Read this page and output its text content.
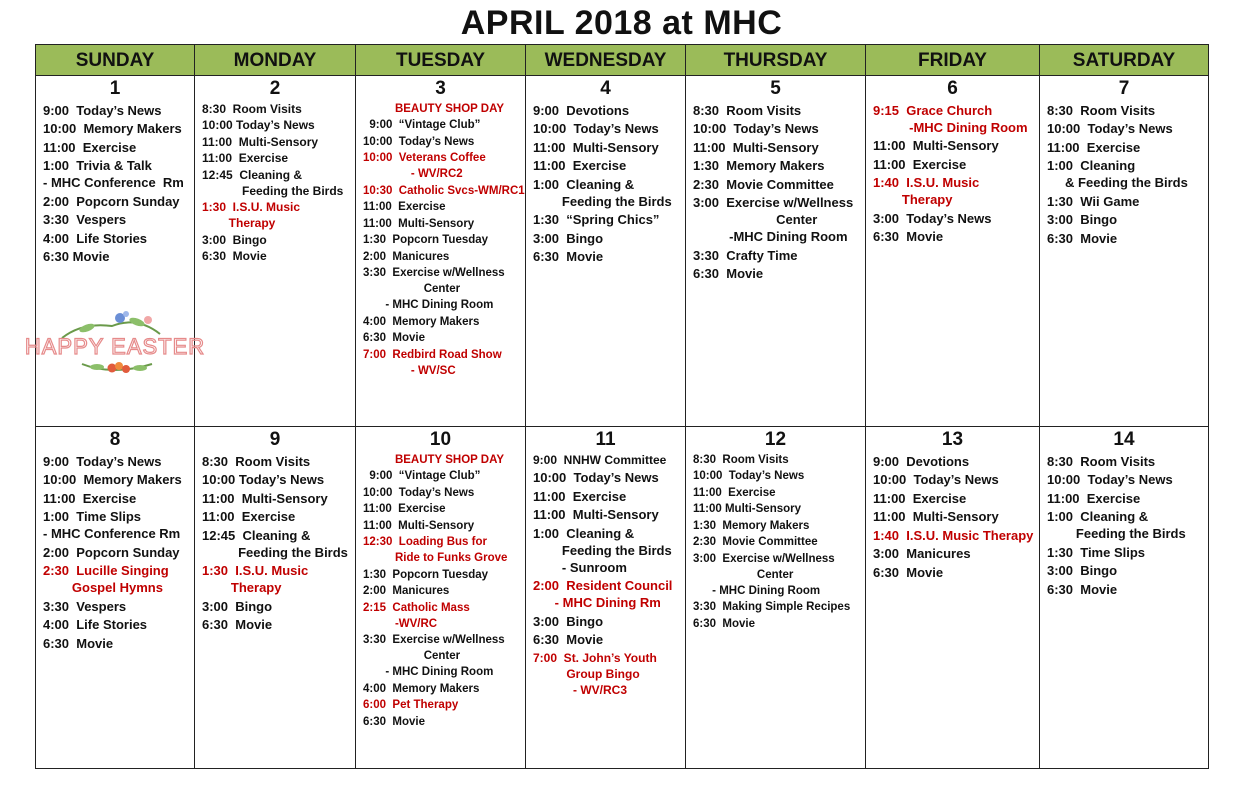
APRIL 2018 at MHC
SUNDAY	MONDAY	TUESDAY	WEDNESDAY	THURSDAY	FRIDAY	SATURDAY
1
9:00  Today’s News
10:00  Memory Makers
11:00  Exercise
1:00  Trivia & Talk
- MHC Conference  Rm
2:00  Popcorn Sunday
3:30  Vespers
4:00  Life Stories
6:30 Movie
HAPPY EASTER
2
8:30  Room Visits
10:00 Today’s News
11:00  Multi-Sensory
11:00  Exercise
12:45  Cleaning &
Feeding the Birds
1:30  I.S.U. Music
Therapy
3:00  Bingo
6:30  Movie
3
BEAUTY SHOP DAY
9:00  “Vintage Club”
10:00  Today’s News
10:00  Veterans Coffee
- WV/RC2
10:30  Catholic Svcs-WM/RC1
11:00  Exercise
11:00  Multi-Sensory
1:30  Popcorn Tuesday
2:00  Manicures
3:30  Exercise w/Wellness
Center
- MHC Dining Room
4:00  Memory Makers
6:30  Movie
7:00  Redbird Road Show
- WV/SC
4
9:00  Devotions
10:00  Today’s News
11:00  Multi-Sensory
11:00  Exercise
1:00  Cleaning &
Feeding the Birds
1:30  “Spring Chics”
3:00  Bingo
6:30  Movie
5
8:30  Room Visits
10:00  Today’s News
11:00  Multi-Sensory
1:30  Memory Makers
2:30  Movie Committee
3:00  Exercise w/Wellness
Center
-MHC Dining Room
3:30  Crafty Time
6:30  Movie
6
9:15  Grace Church
-MHC Dining Room
11:00  Multi-Sensory
11:00  Exercise
1:40  I.S.U. Music
Therapy
3:00  Today’s News
6:30  Movie
7
8:30  Room Visits
10:00  Today’s News
11:00  Exercise
1:00  Cleaning
& Feeding the Birds
1:30  Wii Game
3:00  Bingo
6:30  Movie
8
9:00  Today’s News
10:00  Memory Makers
11:00  Exercise
1:00  Time Slips
- MHC Conference Rm
2:00  Popcorn Sunday
2:30  Lucille Singing
Gospel Hymns
3:30  Vespers
4:00  Life Stories
6:30  Movie
9
8:30  Room Visits
10:00 Today’s News
11:00  Multi-Sensory
11:00  Exercise
12:45  Cleaning &
Feeding the Birds
1:30  I.S.U. Music
Therapy
3:00  Bingo
6:30  Movie
10
BEAUTY SHOP DAY
9:00  “Vintage Club”
10:00  Today’s News
11:00  Exercise
11:00  Multi-Sensory
12:30  Loading Bus for
Ride to Funks Grove
1:30  Popcorn Tuesday
2:00  Manicures
2:15  Catholic Mass
-WV/RC
3:30  Exercise w/Wellness
Center
- MHC Dining Room
4:00  Memory Makers
6:00  Pet Therapy
6:30  Movie
11
9:00  NNHW Committee
10:00  Today’s News
11:00  Exercise
11:00  Multi-Sensory
1:00  Cleaning &
Feeding the Birds
- Sunroom
2:00  Resident Council
- MHC Dining Rm
3:00  Bingo
6:30  Movie
7:00  St. John’s Youth
Group Bingo
- WV/RC3
12
8:30  Room Visits
10:00  Today’s News
11:00  Exercise
11:00 Multi-Sensory
1:30  Memory Makers
2:30  Movie Committee
3:00  Exercise w/Wellness
Center
- MHC Dining Room
3:30  Making Simple Recipes
6:30  Movie
13
9:00  Devotions
10:00  Today’s News
11:00  Exercise
11:00  Multi-Sensory
1:40  I.S.U. Music Therapy
3:00  Manicures
6:30  Movie
14
8:30  Room Visits
10:00  Today’s News
11:00  Exercise
1:00  Cleaning &
Feeding the Birds
1:30  Time Slips
3:00  Bingo
6:30  Movie
